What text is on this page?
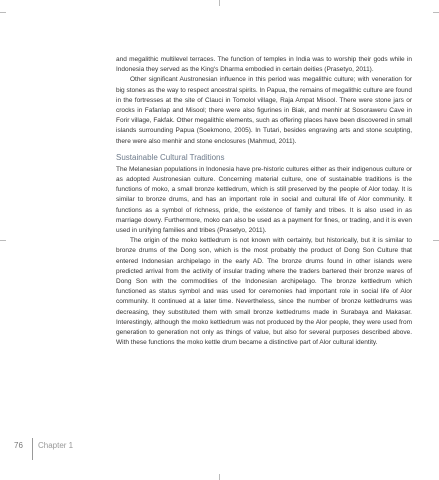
and megalithic multilevel terraces. The function of temples in India was to worship their gods while in Indonesia they served as the King's Dharma embodied in certain deities (Prasetyo, 2011).

Other significant Austronesian influence in this period was megalithic culture; with veneration for big stones as the way to respect ancestral spirits. In Papua, the remains of megalithic culture are found in the fortresses at the site of Clauci in Tomolol village, Raja Ampat Misool. There were stone jars or crocks in Fafanlap and Misool; there were also figurines in Biak, and menhir at Sosoraweru Cave in Forir village, Fakfak. Other megalithic elements, such as offering places have been discovered in small islands surrounding Papua (Soekmono, 2005). In Tutari, besides engraving arts and stone sculpting, there were also menhir and stone enclosures (Mahmud, 2011).

Sustainable Cultural Traditions

The Melanesian populations in Indonesia have pre-historic cultures either as their indigenous culture or as adopted Austronesian culture. Concerning material culture, one of sustainable traditions is the functions of moko, a small bronze kettledrum, which is still preserved by the people of Alor today. It is similar to bronze drums, and has an important role in social and cultural life of Alor community. It functions as a symbol of richness, pride, the existence of family and tribes. It is also used in as marriage dowry. Furthermore, moko can also be used as a payment for fines, or trading, and it is even used in unifying families and tribes (Prasetyo, 2011).

The origin of the moko kettledrum is not known with certainty, but historically, but it is similar to bronze drums of the Dong son, which is the most probably the product of Dong Son Culture that entered Indonesian archipelago in the early AD. The bronze drums found in other islands were predicted arrival from the activity of insular trading where the traders bartered their bronze wares of Dong Son with the commodities of the Indonesian archipelago. The bronze kettledrum which functioned as status symbol and was used for ceremonies had important role in social life of Alor community. It continued at a later time. Nevertheless, since the number of bronze kettledrums was decreasing, they substituted them with small bronze kettledrums made in Surabaya and Makasar. Interestingly, although the moko kettledrum was not produced by the Alor people, they were used from generation to generation not only as things of value, but also for several purposes described above. With these functions the moko kettle drum became a distinctive part of Alor cultural identity.

76 Chapter 1
